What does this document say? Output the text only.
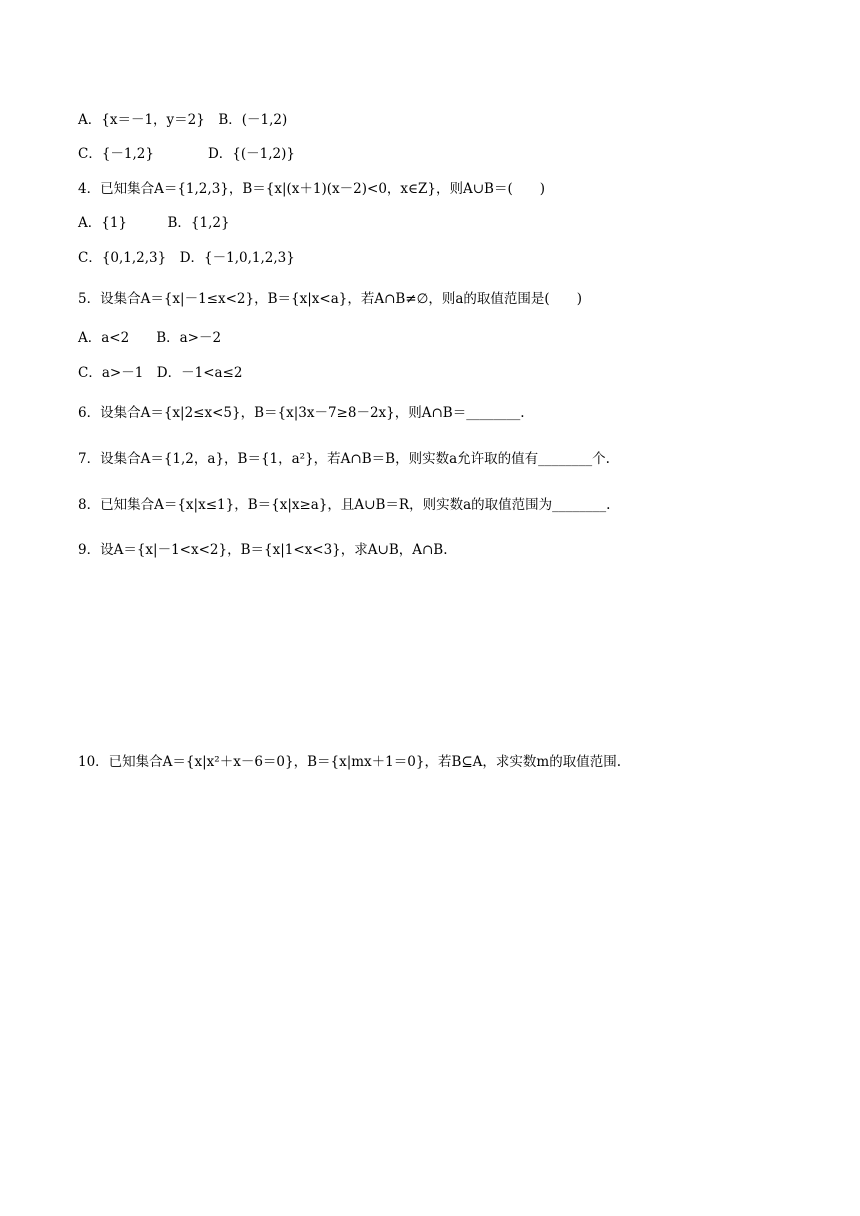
A．{x＝－1，y＝2}　B．(－1,2)
C．{－1,2}　　　　D．{(－1,2)}
4．已知集合A＝{1,2,3}，B＝{x|(x＋1)(x－2)<0，x∈Z}，则A∪B＝(　　)
A．{1}　　　B．{1,2}
C．{0,1,2,3}　D．{－1,0,1,2,3}
5．设集合A＝{x|－1≤x<2}，B＝{x|x<a}，若A∩B≠∅，则a的取值范围是(　　)
A．a<2　　B．a>－2
C．a>－1　D．－1<a≤2
6．设集合A＝{x|2≤x<5}，B＝{x|3x－7≥8－2x}，则A∩B＝________.
7．设集合A＝{1,2，a}，B＝{1，a²}，若A∩B＝B，则实数a允许取的值有________个.
8．已知集合A＝{x|x≤1}，B＝{x|x≥a}，且A∪B＝R，则实数a的取值范围为________.
9．设A＝{x|－1<x<2}，B＝{x|1<x<3}，求A∪B，A∩B.
10．已知集合A＝{x|x²＋x－6＝0}，B＝{x|mx＋1＝0}，若B⊆A，求实数m的取值范围.
